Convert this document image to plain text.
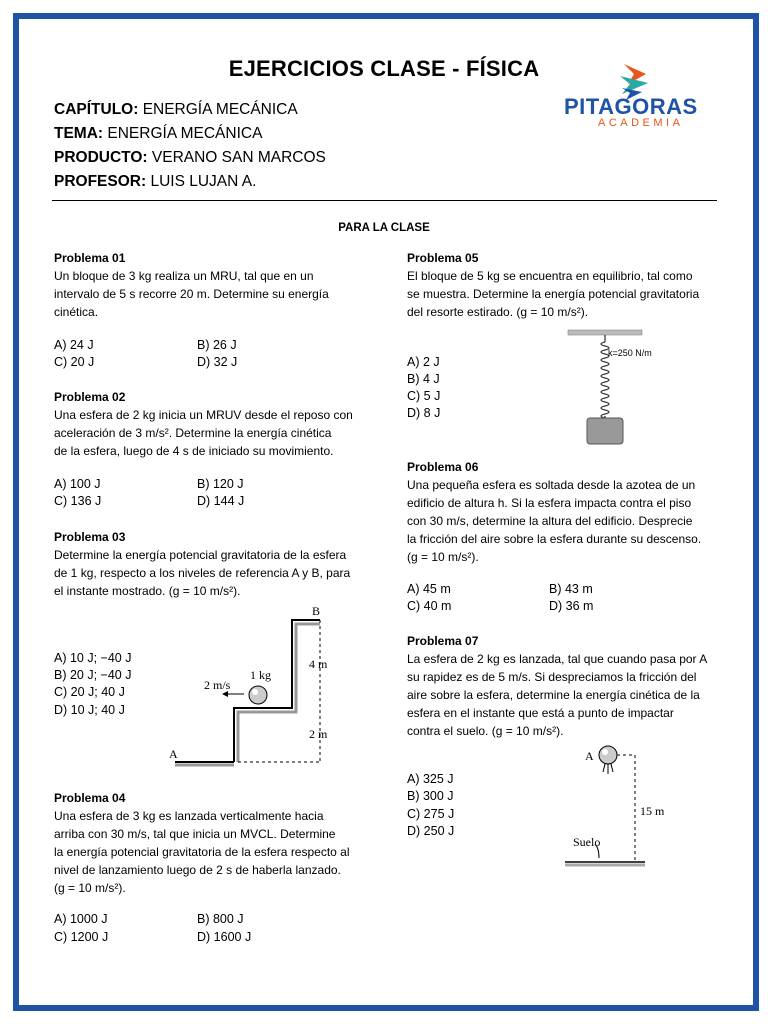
EJERCICIOS CLASE - FÍSICA
CAPÍTULO: ENERGÍA MECÁNICA
TEMA: ENERGÍA MECÁNICA
PRODUCTO: VERANO SAN MARCOS
PROFESOR: LUIS LUJAN A.
PITAGORAS
ACADEMIA
PARA LA CLASE
Problema 01
Un bloque de 3 kg realiza un MRU, tal que en un
intervalo de 5 s recorre 20 m. Determine su energía
cinética.
A) 24 J	B) 26 J
C) 20 J	D) 32 J
Problema 02
Una esfera de 2 kg inicia un MRUV desde el reposo con
aceleración de 3 m/s². Determine la energía cinética
de la esfera, luego de 4 s de iniciado su movimiento.
A) 100 J	B) 120 J
C) 136 J	D) 144 J
Problema 03
Determine la energía potencial gravitatoria de la esfera
de 1 kg, respecto a los niveles de referencia A y B, para
el instante mostrado. (g = 10 m/s²).
A) 10 J; −40 J
B) 20 J; −40 J
C) 20 J; 40 J
D) 10 J; 40 J
2 m/s
1 kg
B
A
4 m
2 m
Problema 04
Una esfera de 3 kg es lanzada verticalmente hacia
arriba con 30 m/s, tal que inicia un MVCL. Determine
la energía potencial gravitatoria de la esfera respecto al
nivel de lanzamiento luego de 2 s de haberla lanzado.
(g = 10 m/s²).
A) 1000 J	B) 800 J
C) 1200 J	D) 1600 J
Problema 05
El bloque de 5 kg se encuentra en equilibrio, tal como
se muestra. Determine la energía potencial gravitatoria
del resorte estirado. (g = 10 m/s²).
A) 2 J
B) 4 J
C) 5 J
D) 8 J
k=250 N/m
Problema 06
Una pequeña esfera es soltada desde la azotea de un
edificio de altura h. Si la esfera impacta contra el piso
con 30 m/s, determine la altura del edificio. Desprecie
la fricción del aire sobre la esfera durante su descenso.
(g = 10 m/s²).
A) 45 m	B) 43 m
C) 40 m	D) 36 m
Problema 07
La esfera de 2 kg es lanzada, tal que cuando pasa por A
su rapidez es de 5 m/s. Si despreciamos la fricción del
aire sobre la esfera, determine la energía cinética de la
esfera en el instante que está a punto de impactar
contra el suelo. (g = 10 m/s²).
A) 325 J
B) 300 J
C) 275 J
D) 250 J
A
15 m
Suelo
